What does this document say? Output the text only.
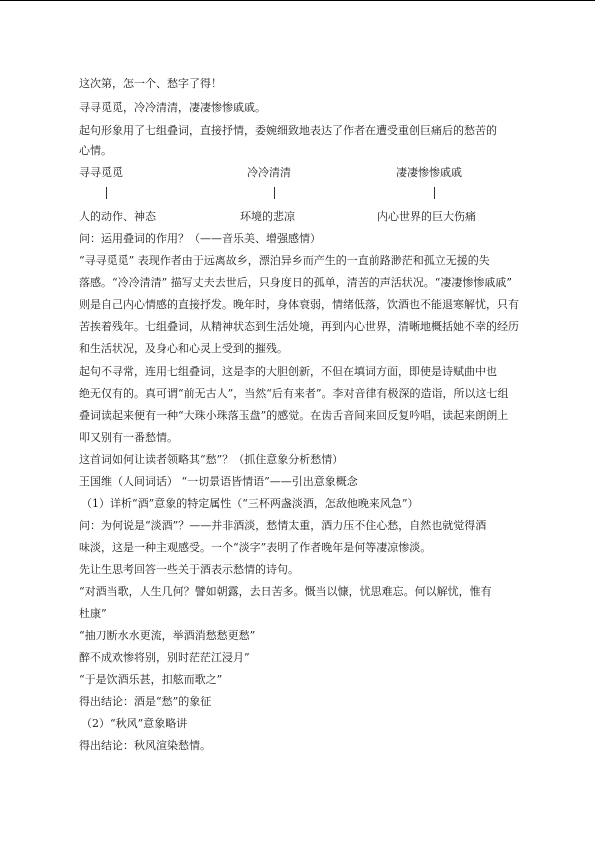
这次第，怎一个、愁字了得！
寻寻觅觅，冷冷清清，凄凄惨惨戚戚。
起句形象用了七组叠词，直接抒情，委婉细致地表达了作者在遭受重创巨痛后的愁苦的
心情。
寻寻觅觅	冷冷清清	凄凄惨惨戚戚
人的动作、神态	环境的悲凉	内心世界的巨大伤痛
问：运用叠词的作用？（——音乐美、增强感情）
“寻寻觅觅” 表现作者由于远离故乡，漂泊异乡而产生的一直前路渺茫和孤立无援的失
落感。“冷冷清清” 描写丈夫去世后，只身度日的孤单，清苦的声活状况。“凄凄惨惨戚戚”
则是自己内心情感的直接抒发。晚年时，身体衰弱，情绪低落，饮酒也不能退寒解忧，只有
苦挨着残年。七组叠词，从精神状态到生活处境，再到内心世界，清晰地概括她不幸的经历
和生活状况，及身心和心灵上受到的摧残。
起句不寻常，连用七组叠词，这是李的大胆创新，不但在填词方面，即使是诗赋曲中也
绝无仅有的。真可谓“前无古人”，当然“后有来者”。李对音律有极深的造诣，所以这七组
叠词读起来便有一种“大珠小珠落玉盘”的感觉。在齿舌音间来回反复吟唱，读起来朗朗上
叩又别有一番愁情。
这首词如何让读者领略其“愁”？（抓住意象分析愁情）
王国维（人间词话） “一切景语皆情语”——引出意象概念
（1）详析“酒”意象的特定属性（“三杯两盏淡酒，怎敌他晚来风急”）
问：为何说是“淡酒”？——并非酒淡，愁情太重，酒力压不住心愁，自然也就觉得酒
味淡，这是一种主观感受。一个“淡字”表明了作者晚年是何等凄凉惨淡。
先让生思考回答一些关于酒表示愁情的诗句。
“对酒当歌，人生几何？譬如朝露，去日苦多。慨当以慷，忧思难忘。何以解忧，惟有
杜康”
“抽刀断水水更流，举酒消愁愁更愁”
醉不成欢惨将别，别时茫茫江浸月”
“于是饮酒乐甚，扣舷而歌之”
得出结论：酒是“愁”的象征
（2）“秋风”意象略讲
得出结论：秋风渲染愁情。
